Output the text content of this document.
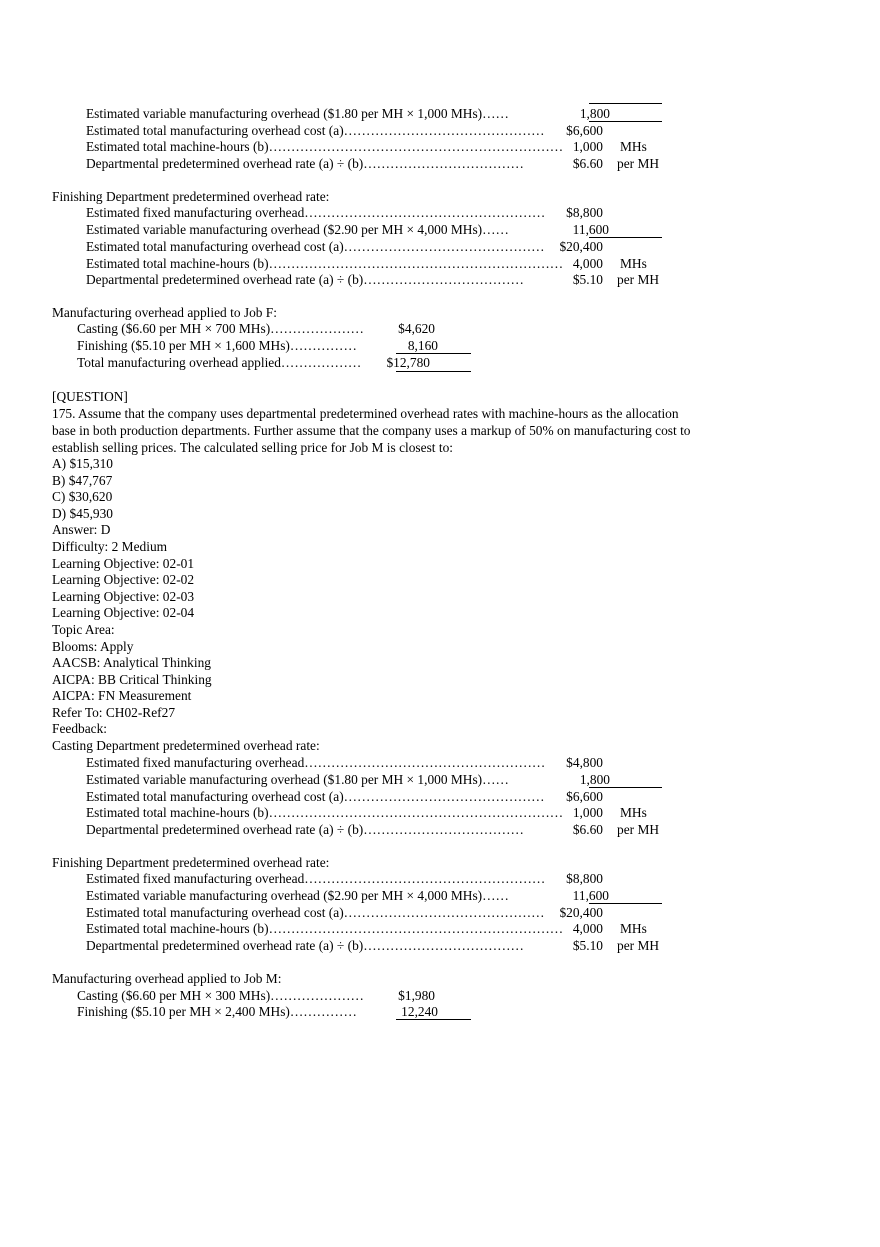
Estimated variable manufacturing overhead ($1.80 per MH × 1,000 MHs)……	1,800
Estimated total manufacturing overhead cost (a)………………………………………	$6,600
Estimated total machine-hours (b)………………………………………………………… 1,000 MHs
Departmental predetermined overhead rate (a) ÷ (b)………………………………	$6.60 per MH
Finishing Department predetermined overhead rate:
Estimated fixed manufacturing overhead………………………………………………	$8,800
Estimated variable manufacturing overhead ($2.90 per MH × 4,000 MHs)……	11,600
Estimated total manufacturing overhead cost (a)………………………………………	$20,400
Estimated total machine-hours (b)………………………………………………………… 4,000 MHs
Departmental predetermined overhead rate (a) ÷ (b)………………………………	$5.10 per MH
Manufacturing overhead applied to Job F:
Casting ($6.60 per MH × 700 MHs)…………………	$4,620
Finishing ($5.10 per MH × 1,600 MHs)……………	8,160
Total manufacturing overhead applied………………	$12,780
[QUESTION]
175. Assume that the company uses departmental predetermined overhead rates with machine-hours as the allocation
base in both production departments. Further assume that the company uses a markup of 50% on manufacturing cost to
establish selling prices. The calculated selling price for Job M is closest to:
A) $15,310
B) $47,767
C) $30,620
D) $45,930
Answer: D
Difficulty: 2 Medium
Learning Objective: 02-01
Learning Objective: 02-02
Learning Objective: 02-03
Learning Objective: 02-04
Topic Area:
Blooms: Apply
AACSB: Analytical Thinking
AICPA: BB Critical Thinking
AICPA: FN Measurement
Refer To: CH02-Ref27
Feedback:
Casting Department predetermined overhead rate:
Estimated fixed manufacturing overhead………………………………………………	$4,800
Estimated variable manufacturing overhead ($1.80 per MH × 1,000 MHs)……	1,800
Estimated total manufacturing overhead cost (a)………………………………………	$6,600
Estimated total machine-hours (b)………………………………………………………… 1,000 MHs
Departmental predetermined overhead rate (a) ÷ (b)………………………………	$6.60 per MH
Finishing Department predetermined overhead rate:
Estimated fixed manufacturing overhead………………………………………………	$8,800
Estimated variable manufacturing overhead ($2.90 per MH × 4,000 MHs)……	11,600
Estimated total manufacturing overhead cost (a)………………………………………	$20,400
Estimated total machine-hours (b)………………………………………………………… 4,000 MHs
Departmental predetermined overhead rate (a) ÷ (b)………………………………	$5.10 per MH
Manufacturing overhead applied to Job M:
Casting ($6.60 per MH × 300 MHs)…………………	$1,980
Finishing ($5.10 per MH × 2,400 MHs)……………	12,240
